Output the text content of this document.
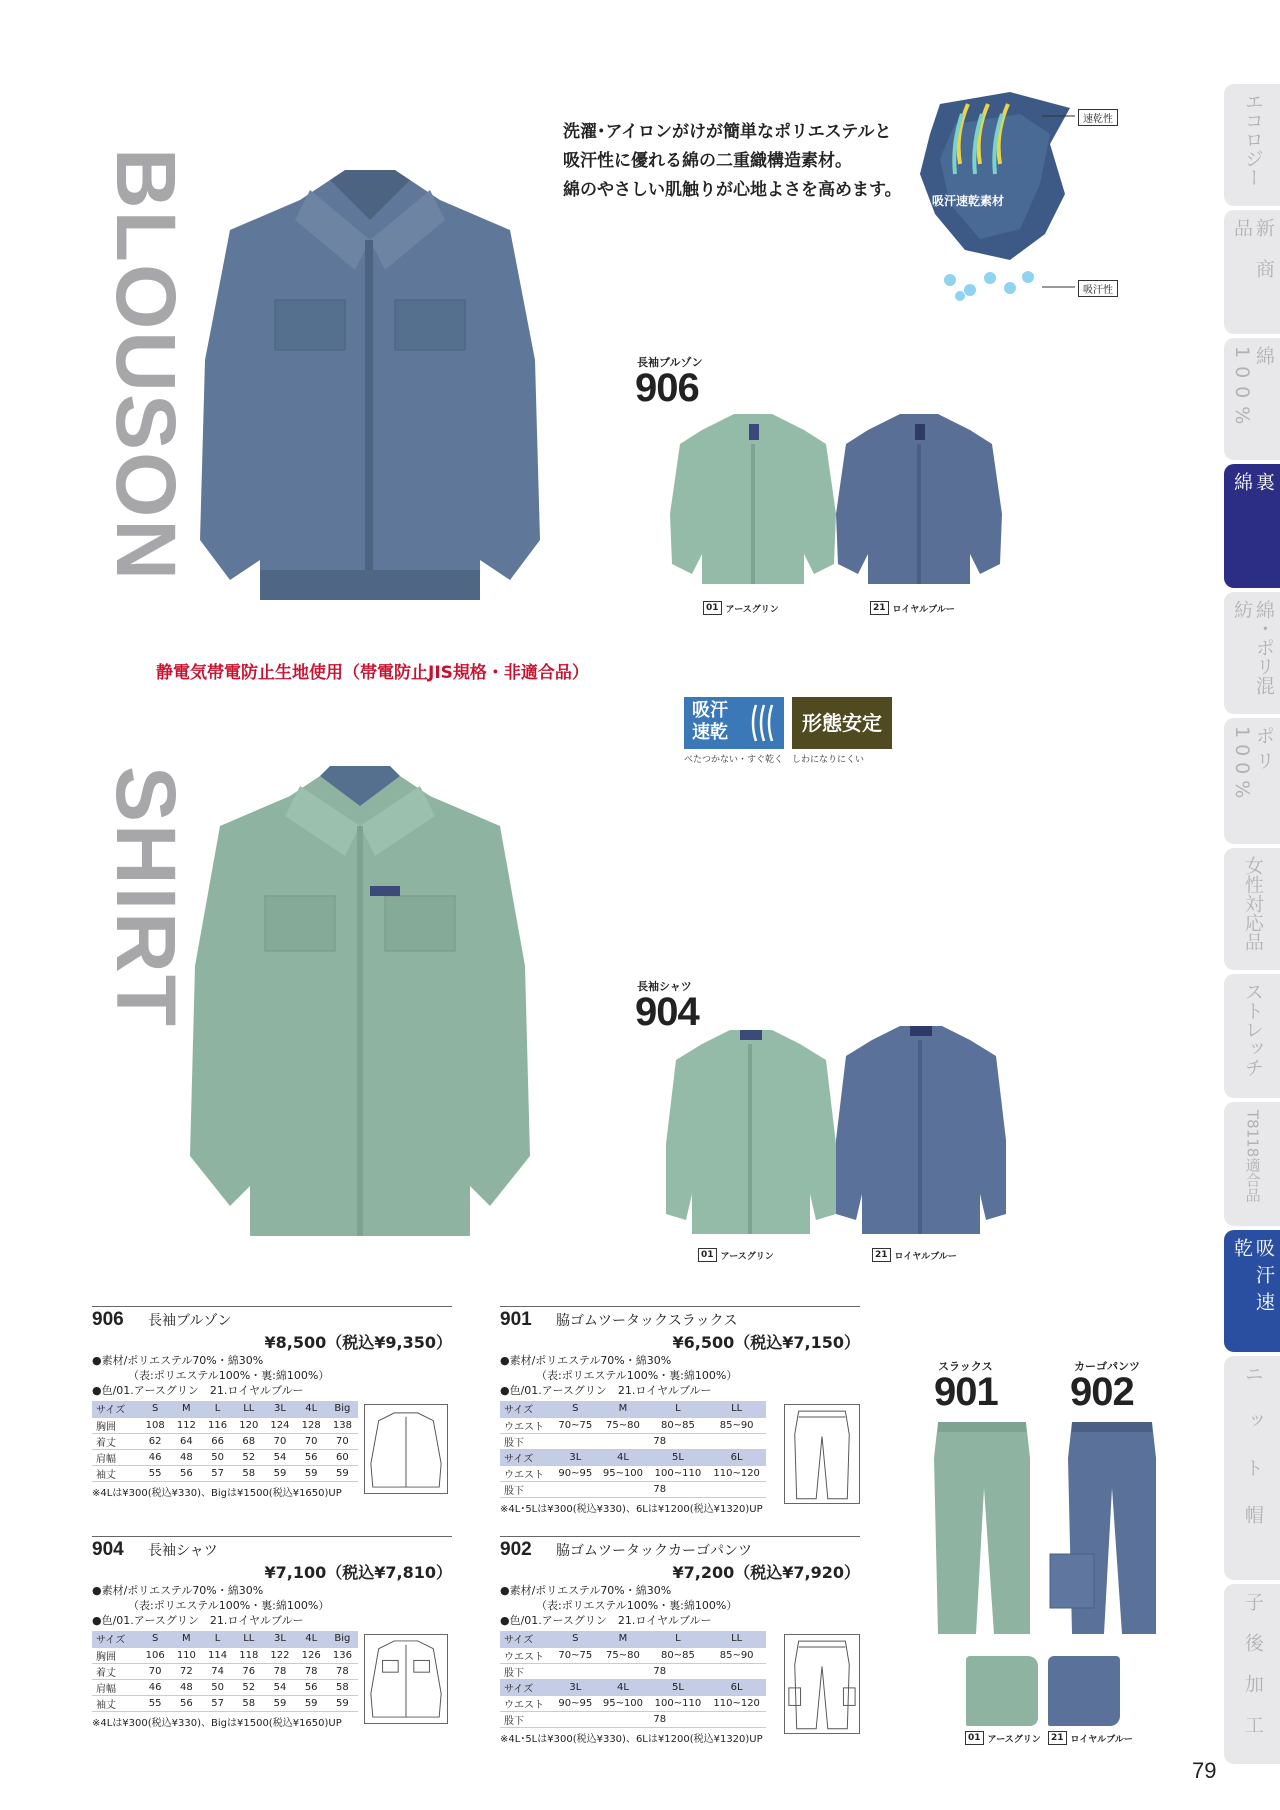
BLOUSON
SHIRT
洗濯･アイロンがけが簡単なポリエステルと
吸汗性に優れる綿の二重織構造素材。
綿のやさしい肌触りが心地よさを高めます。
吸汗速乾素材
速乾性
吸汗性
長袖ブルゾン
906
01 アースグリン	21 ロイヤルブルー
静電気帯電防止生地使用（帯電防止JIS規格・非適合品）
吸汗
速乾
べたつかない・すぐ乾く
形態安定
しわになりにくい
長袖シャツ
904
01 アースグリン	21 ロイヤルブルー
スラックス
901
カーゴパンツ
902
01 アースグリン	21 ロイヤルブルー
906	長袖ブルゾン
¥8,500（税込¥9,350）
●素材/ポリエステル70%・綿30%
（表:ポリエステル100%・裏:綿100%）
●色/01.アースグリン　21.ロイヤルブルー
サイズ	S	M	L	LL	3L	4L	Big
胸囲	108	112	116	120	124	128	138
着丈	62	64	66	68	70	70	70
肩幅	46	48	50	52	54	56	60
袖丈	55	56	57	58	59	59	59
※4Lは¥300(税込¥330)、Bigは¥1500(税込¥1650)UP
904	長袖シャツ
¥7,100（税込¥7,810）
●素材/ポリエステル70%・綿30%
（表:ポリエステル100%・裏:綿100%）
●色/01.アースグリン　21.ロイヤルブルー
サイズ	S	M	L	LL	3L	4L	Big
胸囲	106	110	114	118	122	126	136
着丈	70	72	74	76	78	78	78
肩幅	46	48	50	52	54	56	58
袖丈	55	56	57	58	59	59	59
※4Lは¥300(税込¥330)、Bigは¥1500(税込¥1650)UP
901	脇ゴムツータックスラックス
¥6,500（税込¥7,150）
●素材/ポリエステル70%・綿30%
（表:ポリエステル100%・裏:綿100%）
●色/01.アースグリン　21.ロイヤルブルー
サイズ	S	M	L	LL
ウエスト	70~75	75~80	80~85	85~90
股下	78			
サイズ	3L	4L	5L	6L
ウエスト	90~95	95~100	100~110	110~120
股下	78			
※4L･5Lは¥300(税込¥330)、6Lは¥1200(税込¥1320)UP
902	脇ゴムツータックカーゴパンツ
¥7,200（税込¥7,920）
●素材/ポリエステル70%・綿30%
（表:ポリエステル100%・裏:綿100%）
●色/01.アースグリン　21.ロイヤルブルー
サイズ	S	M	L	LL
ウエスト	70~75	75~80	80~85	85~90
股下	78			
サイズ	3L	4L	5L	6L
ウエスト	90~95	95~100	100~110	110~120
股下	78			
※4L･5Lは¥300(税込¥330)、6Lは¥1200(税込¥1320)UP
エコロジー
新商品
綿100%
裏綿
綿・ポリ混紡
ポリ100%
女性対応品
ストレッチ
T8118適合品
吸汗速乾
ニット帽
子後加工
79
